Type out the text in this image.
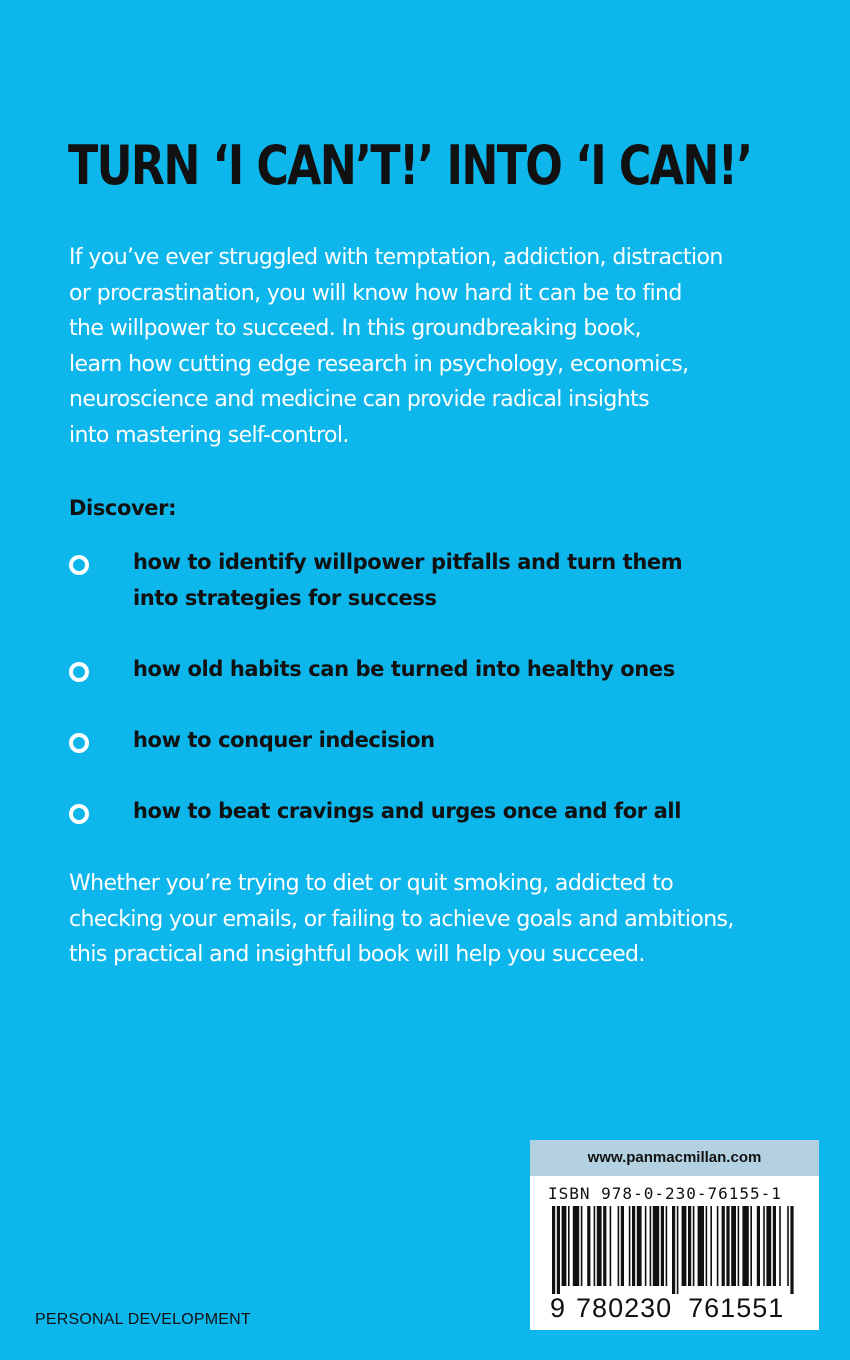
TURN ‘I CAN’T!’ INTO ‘I CAN!’
If you’ve ever struggled with temptation, addiction, distraction
or procrastination, you will know how hard it can be to find
the willpower to succeed. In this groundbreaking book,
learn how cutting edge research in psychology, economics,
neuroscience and medicine can provide radical insights
into mastering self-control.
Discover:
how to identify willpower pitfalls and turn them
into strategies for success
how old habits can be turned into healthy ones
how to conquer indecision
how to beat cravings and urges once and for all
Whether you’re trying to diet or quit smoking, addicted to
checking your emails, or failing to achieve goals and ambitions,
this practical and insightful book will help you succeed.
PERSONAL DEVELOPMENT
www.panmacmillan.com
ISBN 978-0-230-76155-1
9 780230 761551
